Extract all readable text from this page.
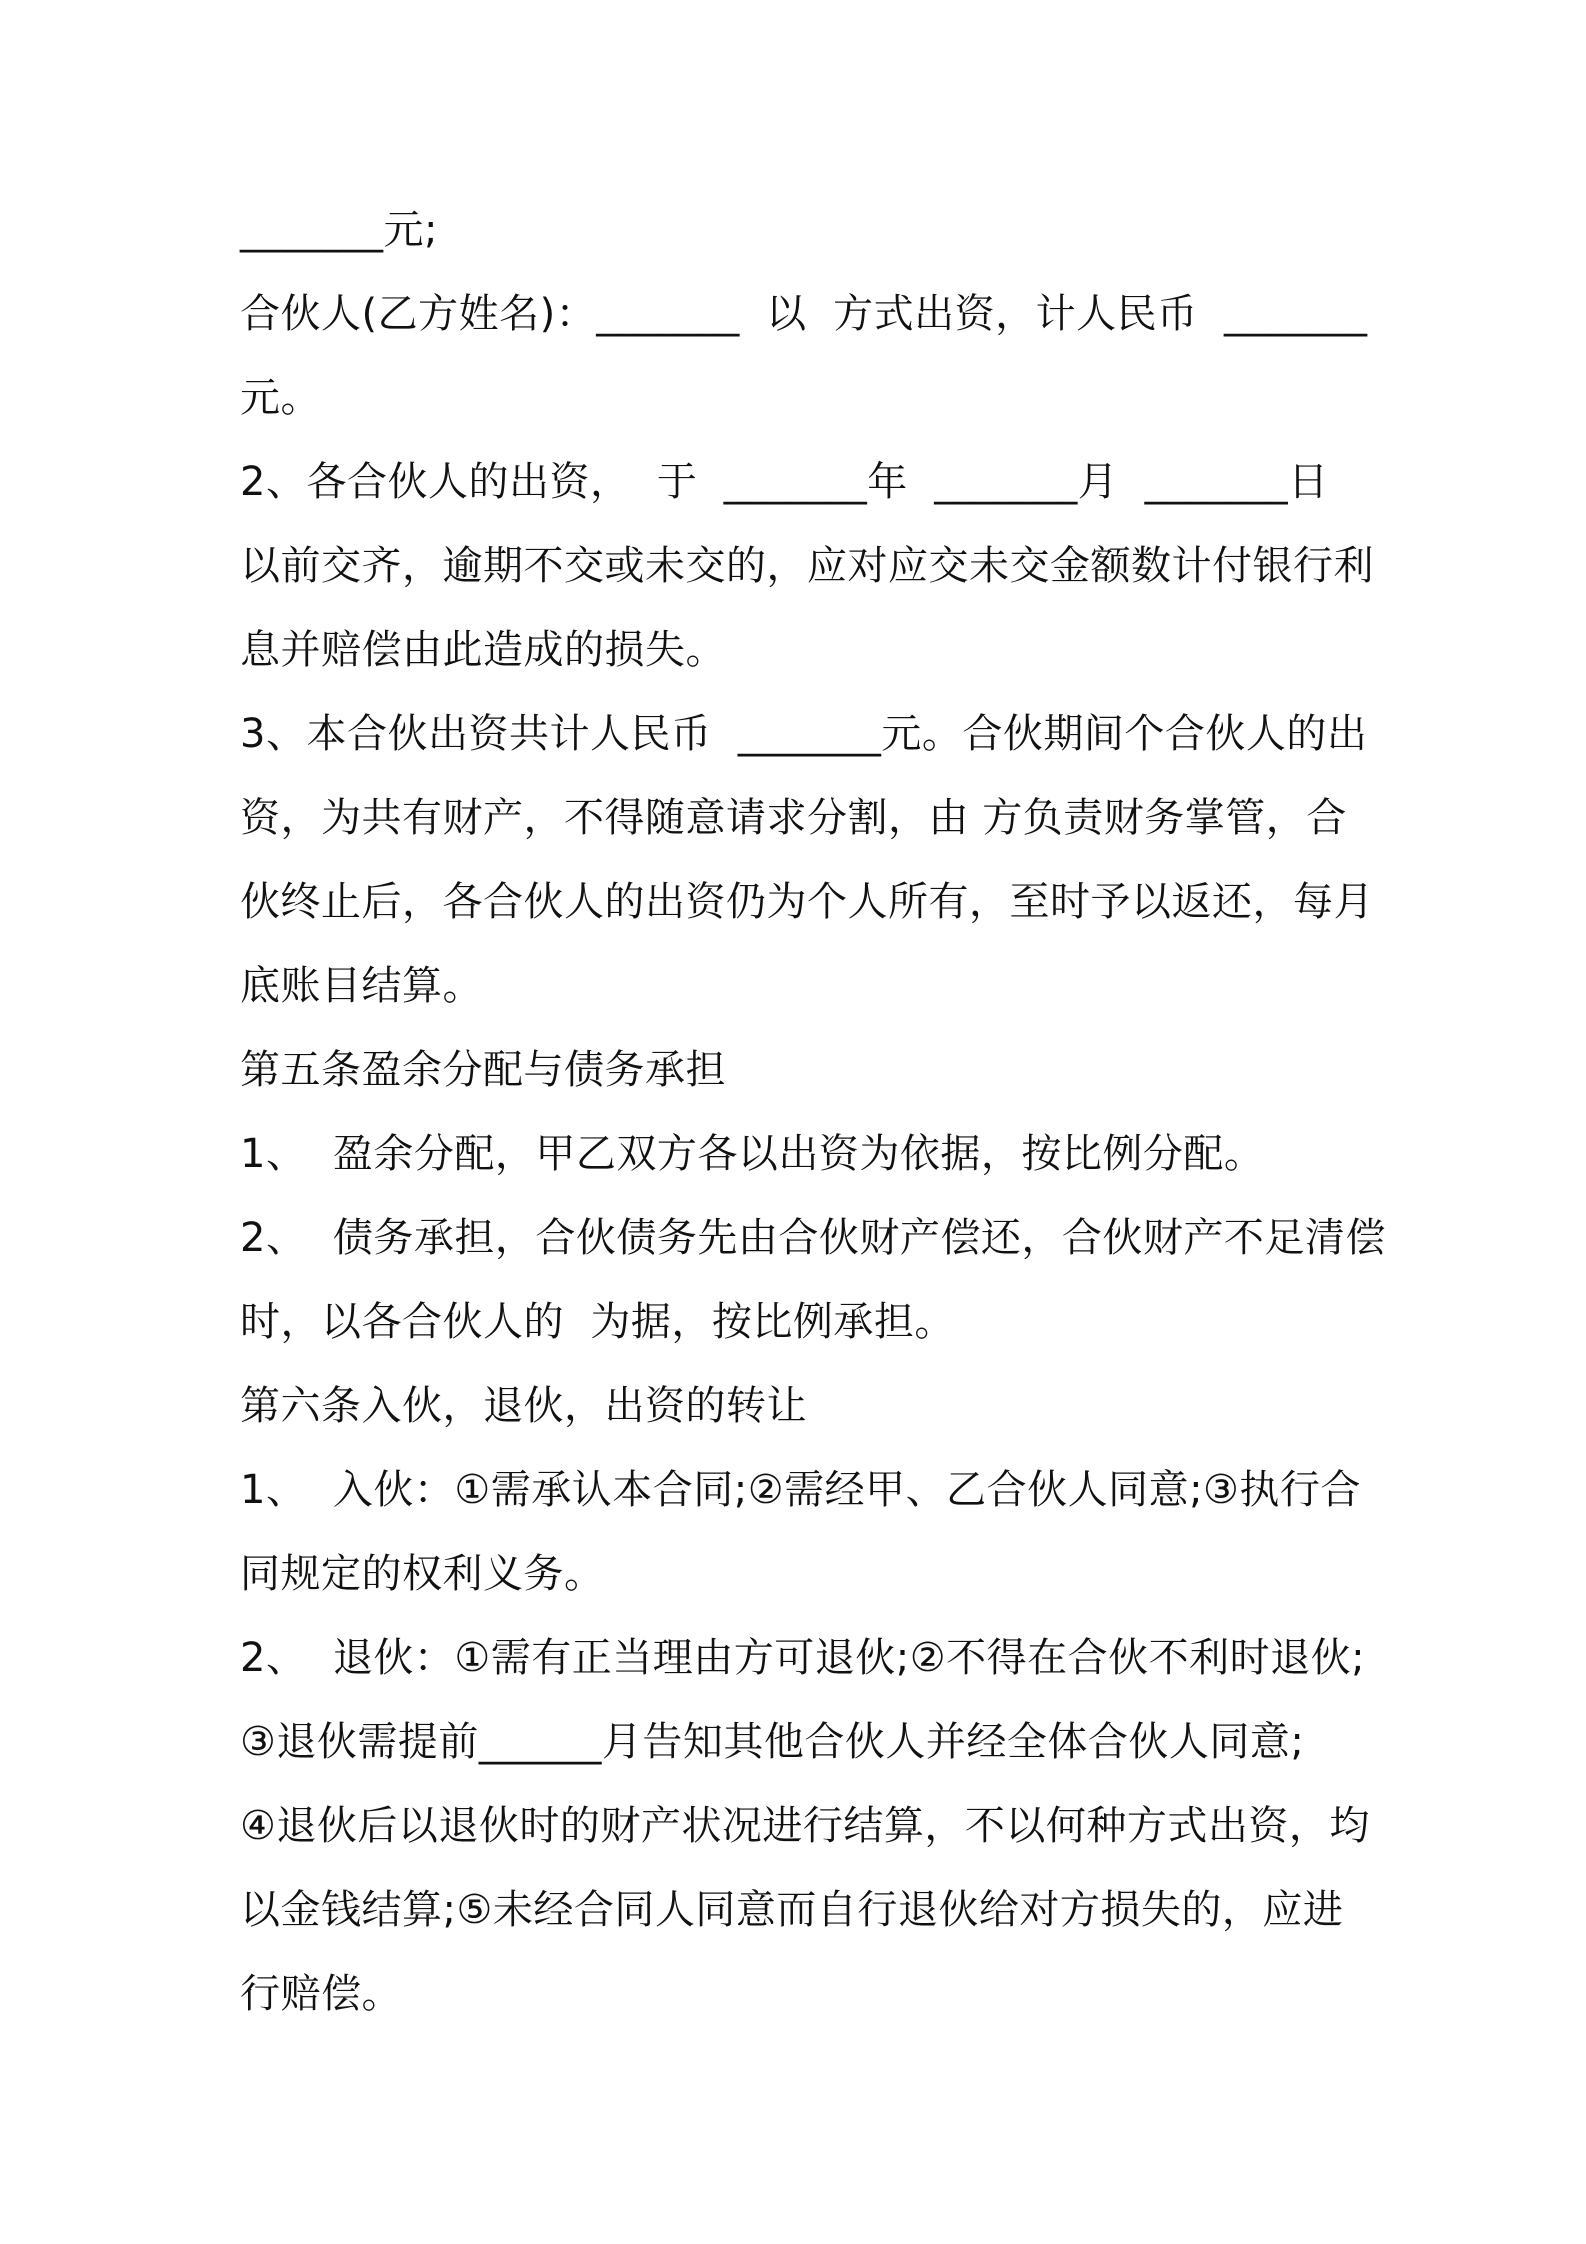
_______元;
合伙人(乙方姓名)：_______  以  方式出资，计人民币  _______
元。
2、各合伙人的出资，  于  _______年  _______月  _______日
以前交齐，逾期不交或未交的，应对应交未交金额数计付银行利
息并赔偿由此造成的损失。
3、本合伙出资共计人民币  _______元。合伙期间个合伙人的出
资，为共有财产，不得随意请求分割，由 方负责财务掌管，合
伙终止后，各合伙人的出资仍为个人所有，至时予以返还，每月
底账目结算。
第五条盈余分配与债务承担
1、  盈余分配，甲乙双方各以出资为依据，按比例分配。
2、  债务承担，合伙债务先由合伙财产偿还，合伙财产不足清偿
时，以各合伙人的  为据，按比例承担。
第六条入伙，退伙，出资的转让
1、  入伙：①需承认本合同;②需经甲、乙合伙人同意;③执行合
同规定的权利义务。
2、  退伙：①需有正当理由方可退伙;②不得在合伙不利时退伙;
③退伙需提前______月告知其他合伙人并经全体合伙人同意;
④退伙后以退伙时的财产状况进行结算，不以何种方式出资，均
以金钱结算;⑤未经合同人同意而自行退伙给对方损失的，应进
行赔偿。
